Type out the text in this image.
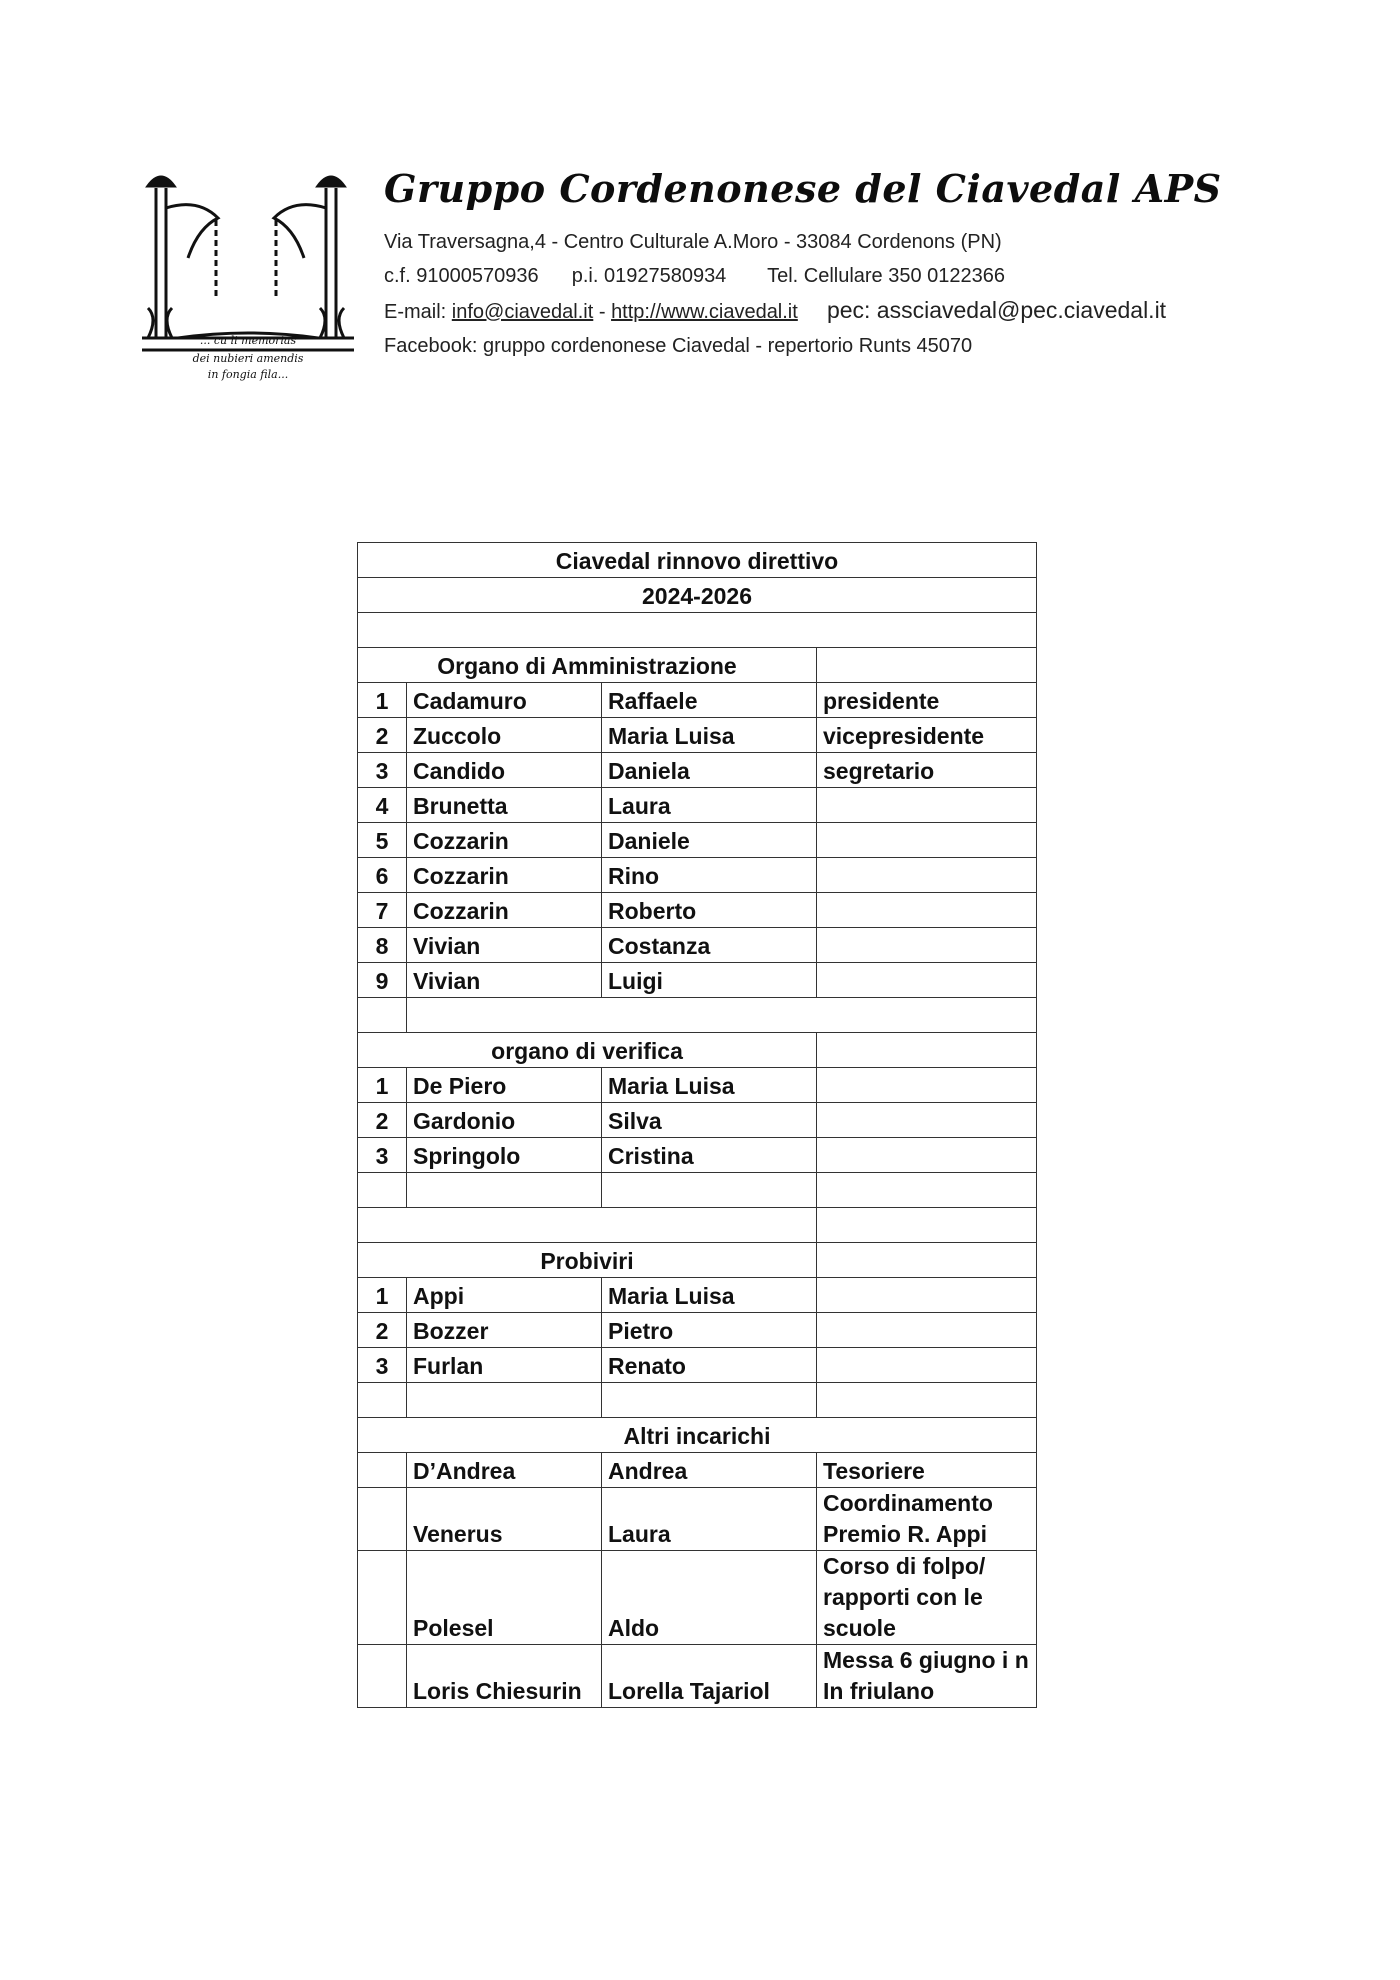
... cu li memorias
dei nubieri amendis
in fongia fila...
Gruppo Cordenonese del Ciavedal APS
Via Traversagna,4 - Centro Culturale A.Moro - 33084 Cordenons (PN)
c.f. 91000570936 p.i. 01927580934 Tel. Cellulare 350 0122366
E-mail: info@ciavedal.it - http://www.ciavedal.it pec: assciavedal@pec.ciavedal.it
Facebook: gruppo cordenonese Ciavedal - repertorio Runts 45070
Ciavedal rinnovo direttivo			
2024-2026			

Organo di Amministrazione			
1	Cadamuro	Raffaele	presidente
2	Zuccolo	Maria Luisa	vicepresidente
3	Candido	Daniela	segretario
4	Brunetta	Laura	
5	Cozzarin	Daniele	
6	Cozzarin	Rino	
7	Cozzarin	Roberto	
8	Vivian	Costanza	
9	Vivian	Luigi	

organo di verifica			
1	De Piero	Maria Luisa	
2	Gardonio	Silva	
3	Springolo	Cristina	

Probiviri			
1	Appi	Maria Luisa	
2	Bozzer	Pietro	
3	Furlan	Renato	

Altri incarichi			
	D’Andrea	Andrea	Tesoriere
	Venerus	Laura	Coordinamento
Premio R. Appi

	Polesel	Aldo	Corso di folpo/
rapporti con le
scuole

	Loris Chiesurin	Lorella Tajariol	Messa 6 giugno i n
In friulano
